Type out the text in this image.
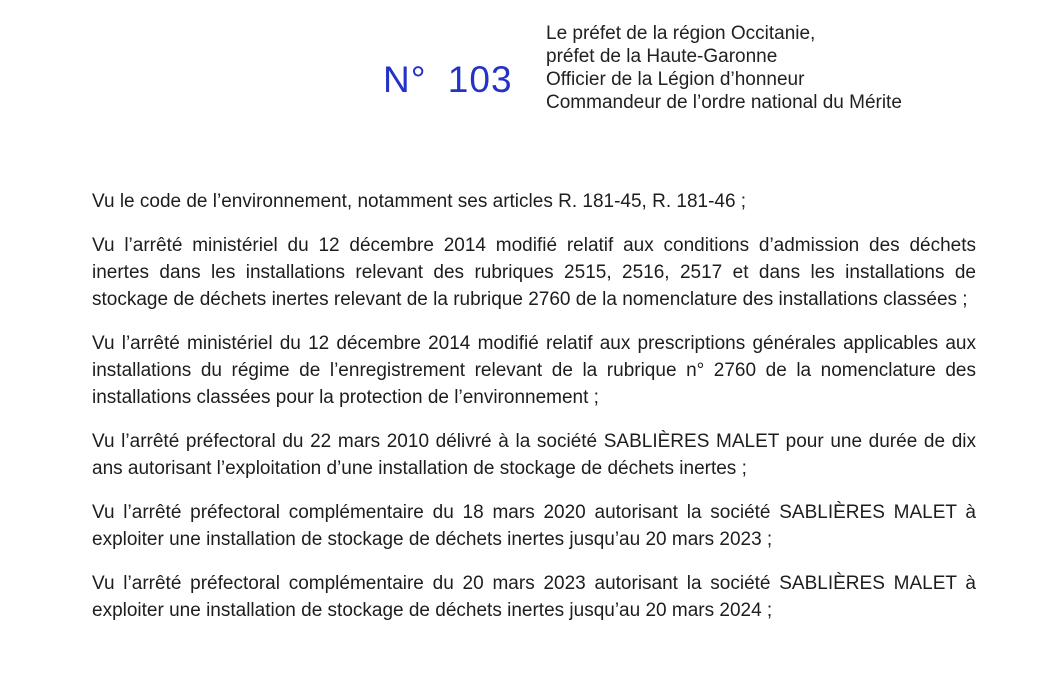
N° 103
Le préfet de la région Occitanie,
préfet de la Haute-Garonne
Officier de la Légion d’honneur
Commandeur de l’ordre national du Mérite

Vu le code de l’environnement, notamment ses articles R. 181-45, R. 181-46 ;

Vu l’arrêté ministériel du 12 décembre 2014 modifié relatif aux conditions d’admission des déchets inertes dans les installations relevant des rubriques 2515, 2516, 2517 et dans les installations de stockage de déchets inertes relevant de la rubrique 2760 de la nomenclature des installations classées ;

Vu l’arrêté ministériel du 12 décembre 2014 modifié relatif aux prescriptions générales applicables aux installations du régime de l’enregistrement relevant de la rubrique n° 2760 de la nomenclature des installations classées pour la protection de l’environnement ;

Vu l’arrêté préfectoral du 22 mars 2010 délivré à la société SABLIÈRES MALET pour une durée de dix ans autorisant l’exploitation d’une installation de stockage de déchets inertes ;

Vu l’arrêté préfectoral complémentaire du 18 mars 2020 autorisant la société SABLIÈRES MALET à exploiter une installation de stockage de déchets inertes jusqu’au 20 mars 2023 ;

Vu l’arrêté préfectoral complémentaire du 20 mars 2023 autorisant la société SABLIÈRES MALET à exploiter une installation de stockage de déchets inertes jusqu’au 20 mars 2024 ;
